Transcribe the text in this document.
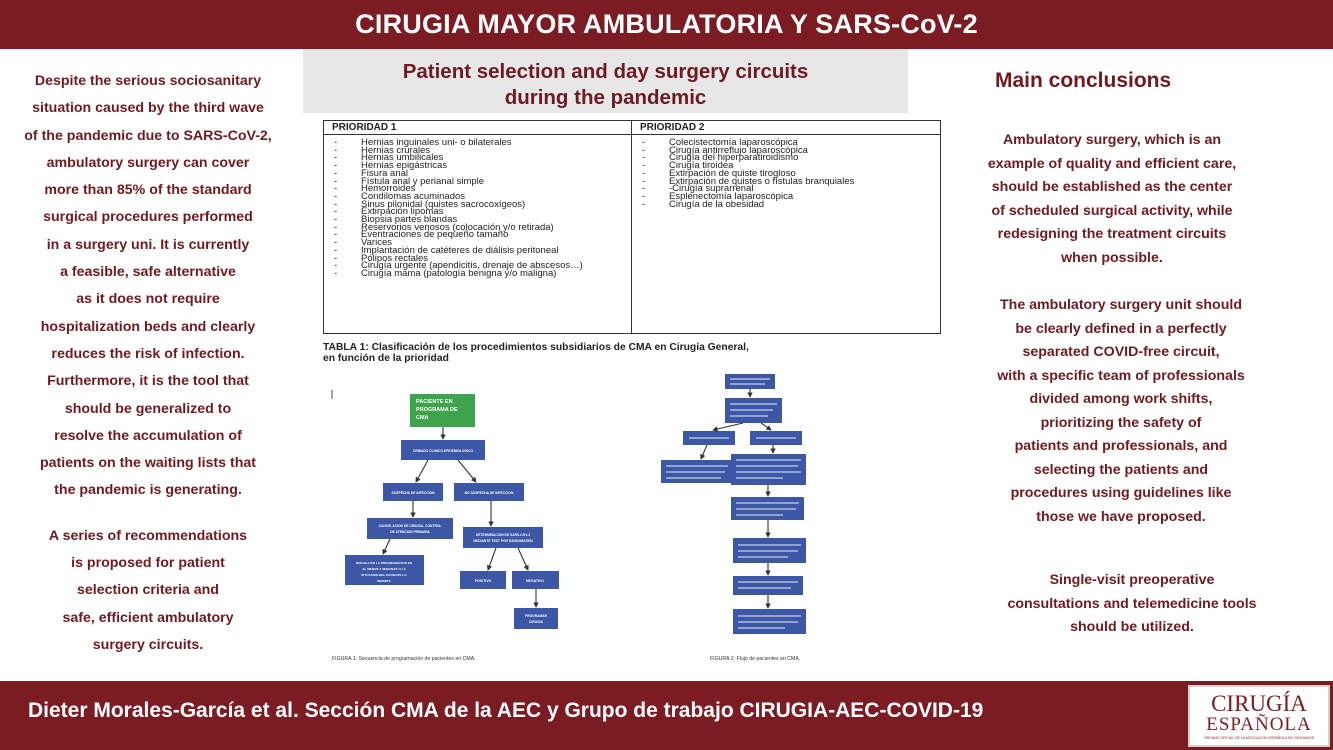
CIRUGIA MAYOR AMBULATORIA Y SARS-CoV-2

Despite the serious sociosanitary
situation caused by the third wave
of the pandemic due to SARS-CoV-2,
ambulatory surgery can cover
more than 85% of the standard
surgical procedures performed
in a surgery uni. It is currently
a feasible, safe alternative
as it does not require
hospitalization beds and clearly
reduces the risk of infection.
Furthermore, it is the tool that
should be generalized to
resolve the accumulation of
patients on the waiting lists that
the pandemic is generating.

A series of recommendations
is proposed for patient
selection criteria and
safe, efficient ambulatory
surgery circuits.

Patient selection and day surgery circuits
during the pandemic
PRIORIDAD 1
- Hernias inguinales uni- o bilaterales
- Hernias crurales
- Hernias umbilicales
- Hernias epigástricas
- Fisura anal
- Fístula anal y perianal simple
- Hemorroides
- Condilomas acuminados
- Sinus pilonidal (quistes sacrocoxígeos)
- Extirpación lipomas
- Biopsia partes blandas
- Reservorios venosos (colocación y/o retirada)
- Eventraciones de pequeño tamaño
- Varices
- Implantación de catéteres de diálisis peritoneal
- Pólipos rectales
- Cirugía urgente (apendicitis, drenaje de abscesos…)
- Cirugía mama (patología benigna y/o maligna)
PRIORIDAD 2
- Colecistectomía laparoscópica
- Cirugía antirreflujo laparoscópica
- Cirugía del hiperparatiroidismo
- Cirugía tiroidea
- Extirpación de quiste tirogloso
- Extirpación de quistes o fístulas branquiales
- -Cirugía suprarrenal
- Esplenectomía laparoscópica
- Cirugía de la obesidad
TABLA 1: Clasificación de los procedimientos subsidiarios de CMA en Cirugía General,
en función de la prioridad
PACIENTE EN
PROGRAMA DE
CMA
CRIBADO CLINICO-EPIDEMIOLOGICO
SOSPECHA DE INFECCION	NO SOSPECHA DE INFECCION
CANCELACION DE CIRUGIA. CONTROL
DE ATENCION PRIMARIA
DETERMINACION DE SARS-COV-2
MEDIANTE TEST POR RADIOIMAGEN
REEVALUAR LA PROGRAMACION EN
AL MENOS 7 SEMANAS O LA
SITUACION DEL PACIENTE LO
PERMITE	POSITIVO	NEGATIVO
PROGRAMAR
CIRUGIA
FIGURA 1: Secuencia de programación de pacientes en CMA.	FIGURA 2: Flujo de pacientes en CMA.
Main conclusions

Ambulatory surgery, which is an
example of quality and efficient care,
should be established as the center
of scheduled surgical activity, while
redesigning the treatment circuits
when possible.

The ambulatory surgery unit should
be clearly defined in a perfectly
separated COVID-free circuit,
with a specific team of professionals
divided among work shifts,
prioritizing the safety of
patients and professionals, and
selecting the patients and
procedures using guidelines like
those we have proposed.

Single-visit preoperative
consultations and telemedicine tools
should be utilized.

Dieter Morales-García et al. Sección CMA de la AEC y Grupo de trabajo CIRUGIA-AEC-COVID-19	CIRUGÍA
ESPAÑOLA
ÓRGANO OFICIAL DE LA ASOCIACIÓN ESPAÑOLA DE CIRUJANOS
